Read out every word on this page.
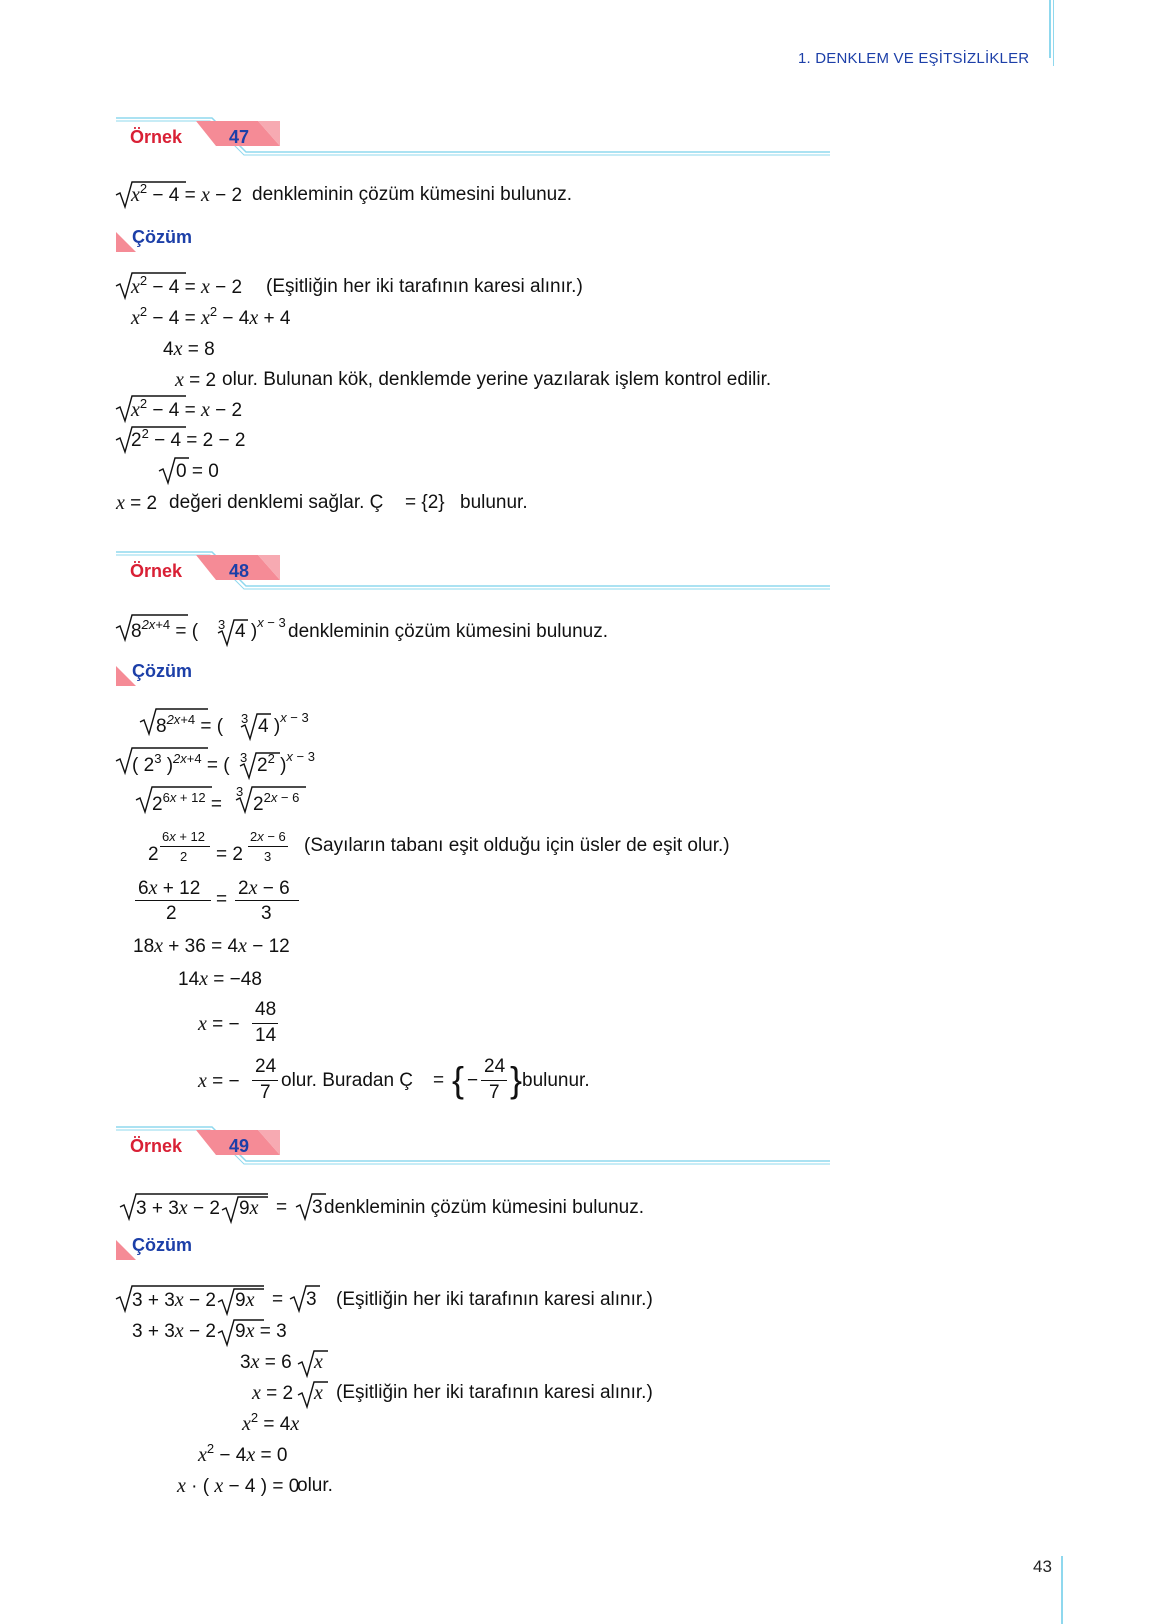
1. DENKLEM VE EŞİTSİZLİKLER
Örnek	47
$x^2 - 4 = x - 2$ denkleminin çözüm kümesini bulunuz.
Çözüm
$x^2 - 4 = x - 2$ (Eşitliğin her iki tarafının karesi alınır.)
$x^2 - 4 = x^2 - 4x + 4$
4x = 8
x = 2 olur. Bulunan kök, denklemde yerine yazılarak işlem kontrol edilir.
$x^2 - 4 = x - 2$
$2^2 - 4 = 2 - 2$
0 = 0
x = 2 değeri denklemi sağlar. Ç = {2} bulunur.
Örnek	48
$8^{2x+4}$ = ( 3 4 )$^{x - 3}$ denkleminin çözüm kümesini bulunuz.
Çözüm
$8^{2x+4}$ = ( 3 4 )$^{x - 3}$
( $2^3$ )$^{2x+4}$ = ( 3 $2^2$ )$^{x - 3}$
$2^{6x + 12}$ =
3
$2^{2x - 6}$
2
6x + 12
2 = 2
2x − 6
3
(Sayıların tabanı eşit olduğu için üsler de eşit olur.)
6x + 12
2
=
2x − 6
3
18x + 36 = 4x − 12
14x = −48
x = −
48
14
x = −
24
7
olur. Buradan Ç = { −
24
7 } bulunur.
Örnek	49
3 + 3x − 2 9x = 3 denkleminin çözüm kümesini bulunuz.
Çözüm
3 + 3x − 2 9x = 3 (Eşitliğin her iki tarafının karesi alınır.)
3 + 3x − 2 9x = 3
3x = 6 x
x = 2 x (Eşitliğin her iki tarafının karesi alınır.)
$x^2 = 4x$
$x^2 - 4x = 0$
x · ( x − 4 ) = 0
olur.
43
